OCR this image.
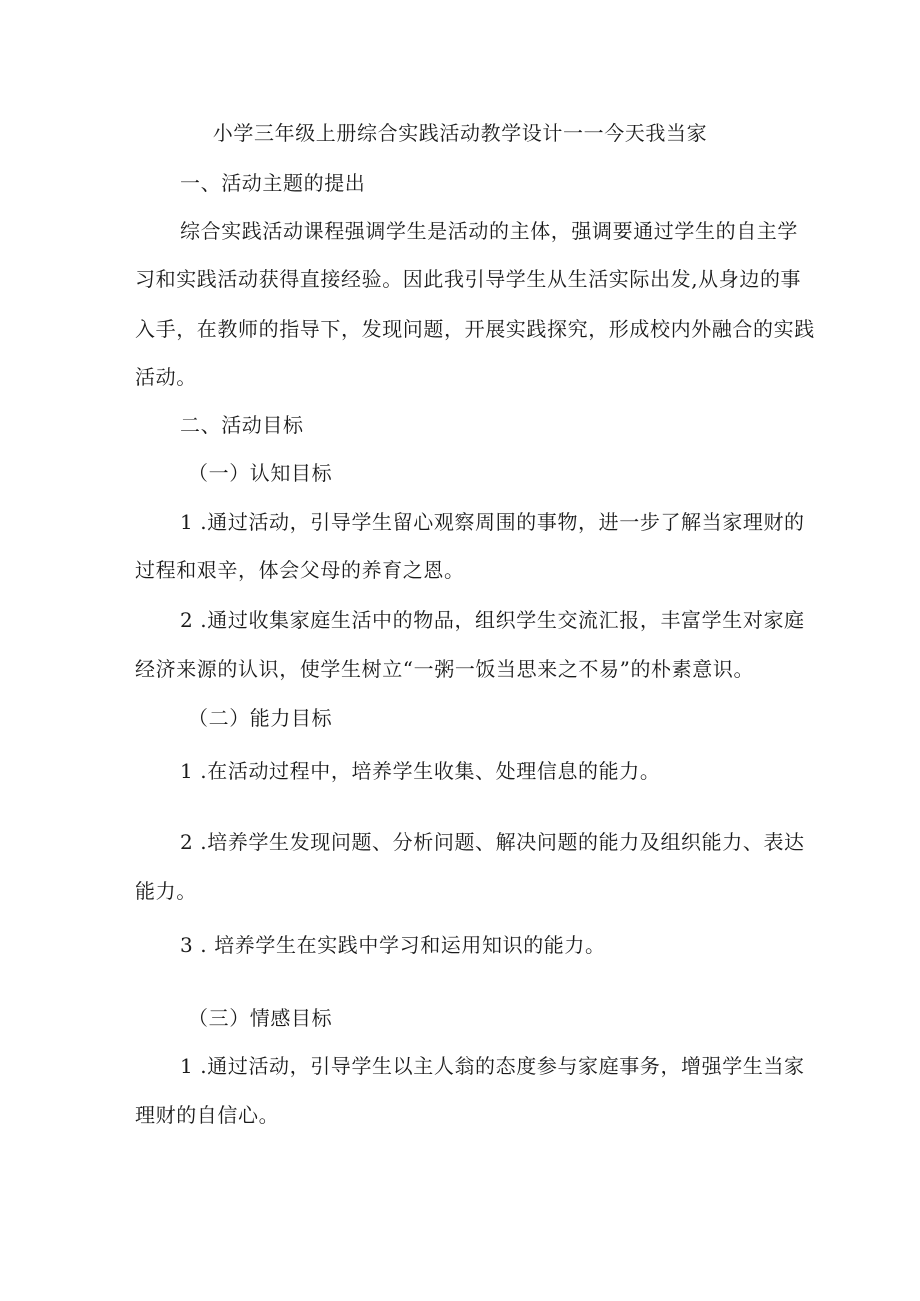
小学三年级上册综合实践活动教学设计一一今天我当家
一、活动主题的提出
综合实践活动课程强调学生是活动的主体，强调要通过学生的自主学
习和实践活动获得直接经验。因此我引导学生从生活实际出发,从身边的事
入手，在教师的指导下，发现问题，开展实践探究，形成校内外融合的实践
活动。
二、活动目标
（一）认知目标
1 .通过活动，引导学生留心观察周围的事物，进一步了解当家理财的
过程和艰辛，体会父母的养育之恩。
2 .通过收集家庭生活中的物品，组织学生交流汇报，丰富学生对家庭
经济来源的认识，使学生树立“一粥一饭当思来之不易”的朴素意识。
（二）能力目标
1 .在活动过程中，培养学生收集、处理信息的能力。
2 .培养学生发现问题、分析问题、解决问题的能力及组织能力、表达
能力。
3 . 培养学生在实践中学习和运用知识的能力。
（三）情感目标
1 .通过活动，引导学生以主人翁的态度参与家庭事务，增强学生当家
理财的自信心。
